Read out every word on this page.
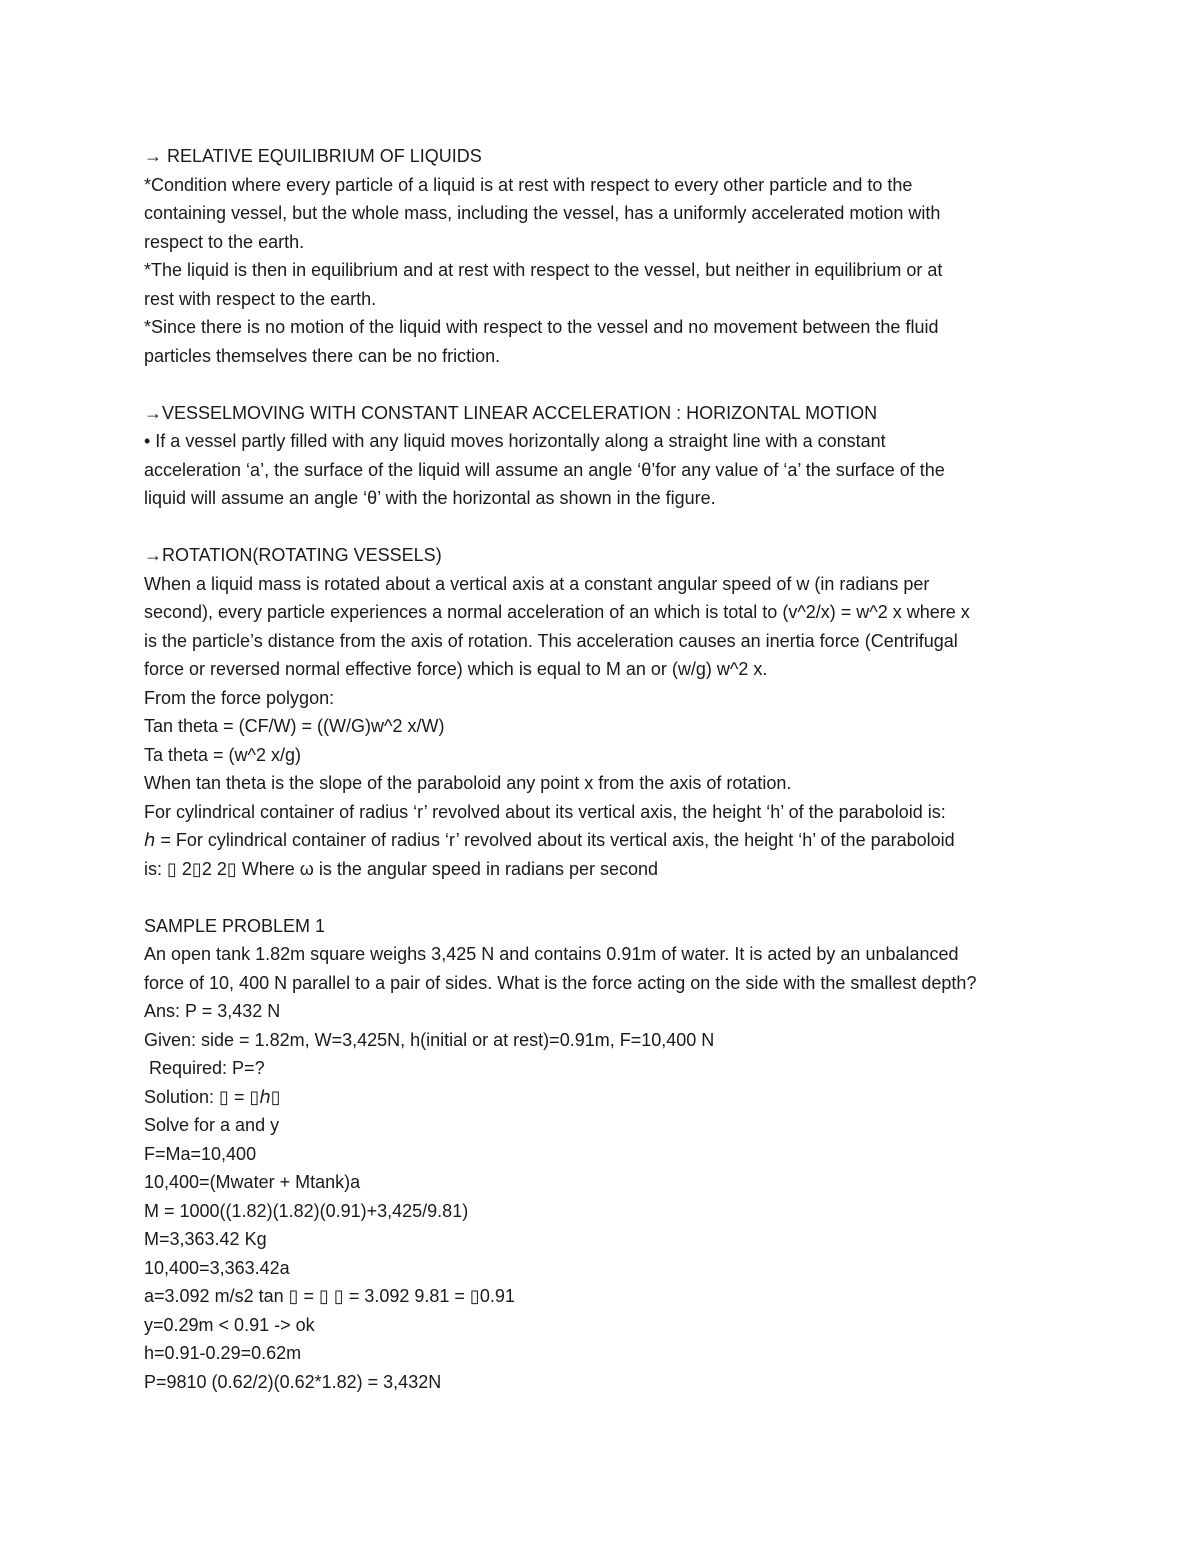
→ RELATIVE EQUILIBRIUM OF LIQUIDS
*Condition where every particle of a liquid is at rest with respect to every other particle and to the
containing vessel, but the whole mass, including the vessel, has a uniformly accelerated motion with
respect to the earth.
*The liquid is then in equilibrium and at rest with respect to the vessel, but neither in equilibrium or at
rest with respect to the earth.
*Since there is no motion of the liquid with respect to the vessel and no movement between the fluid
particles themselves there can be no friction.
→VESSELMOVING WITH CONSTANT LINEAR ACCELERATION : HORIZONTAL MOTION
• If a vessel partly filled with any liquid moves horizontally along a straight line with a constant
acceleration ‘a’, the surface of the liquid will assume an angle ‘θ’for any value of ‘a’ the surface of the
liquid will assume an angle ‘θ’ with the horizontal as shown in the figure.
→ROTATION(ROTATING VESSELS)
When a liquid mass is rotated about a vertical axis at a constant angular speed of w (in radians per
second), every particle experiences a normal acceleration of an which is total to (v^2/x) = w^2 x where x
is the particle’s distance from the axis of rotation. This acceleration causes an inertia force (Centrifugal
force or reversed normal effective force) which is equal to M an or (w/g) w^2 x.
From the force polygon:
Tan theta = (CF/W) = ((W/G)w^2 x/W)
Ta theta = (w^2 x/g)
When tan theta is the slope of the paraboloid any point x from the axis of rotation.
For cylindrical container of radius ‘r’ revolved about its vertical axis, the height ‘h’ of the paraboloid is:
ℎ = For cylindrical container of radius ‘r’ revolved about its vertical axis, the height ‘h’ of the paraboloid
is: ▯ 2▯2 2▯ Where ω is the angular speed in radians per second
SAMPLE PROBLEM 1
An open tank 1.82m square weighs 3,425 N and contains 0.91m of water. It is acted by an unbalanced
force of 10, 400 N parallel to a pair of sides. What is the force acting on the side with the smallest depth?
Ans: P = 3,432 N
Given: side = 1.82m, W=3,425N, h(initial or at rest)=0.91m, F=10,400 N
Required: P=?
Solution: ▯ = ▯ℎ▯
Solve for a and y
F=Ma=10,400
10,400=(Mwater + Mtank)a
M = 1000((1.82)(1.82)(0.91)+3,425/9.81)
M=3,363.42 Kg
10,400=3,363.42a
a=3.092 m/s2 tan ▯ = ▯ ▯ = 3.092 9.81 = ▯0.91
y=0.29m < 0.91 -> ok
h=0.91-0.29=0.62m
P=9810 (0.62/2)(0.62*1.82) = 3,432N
